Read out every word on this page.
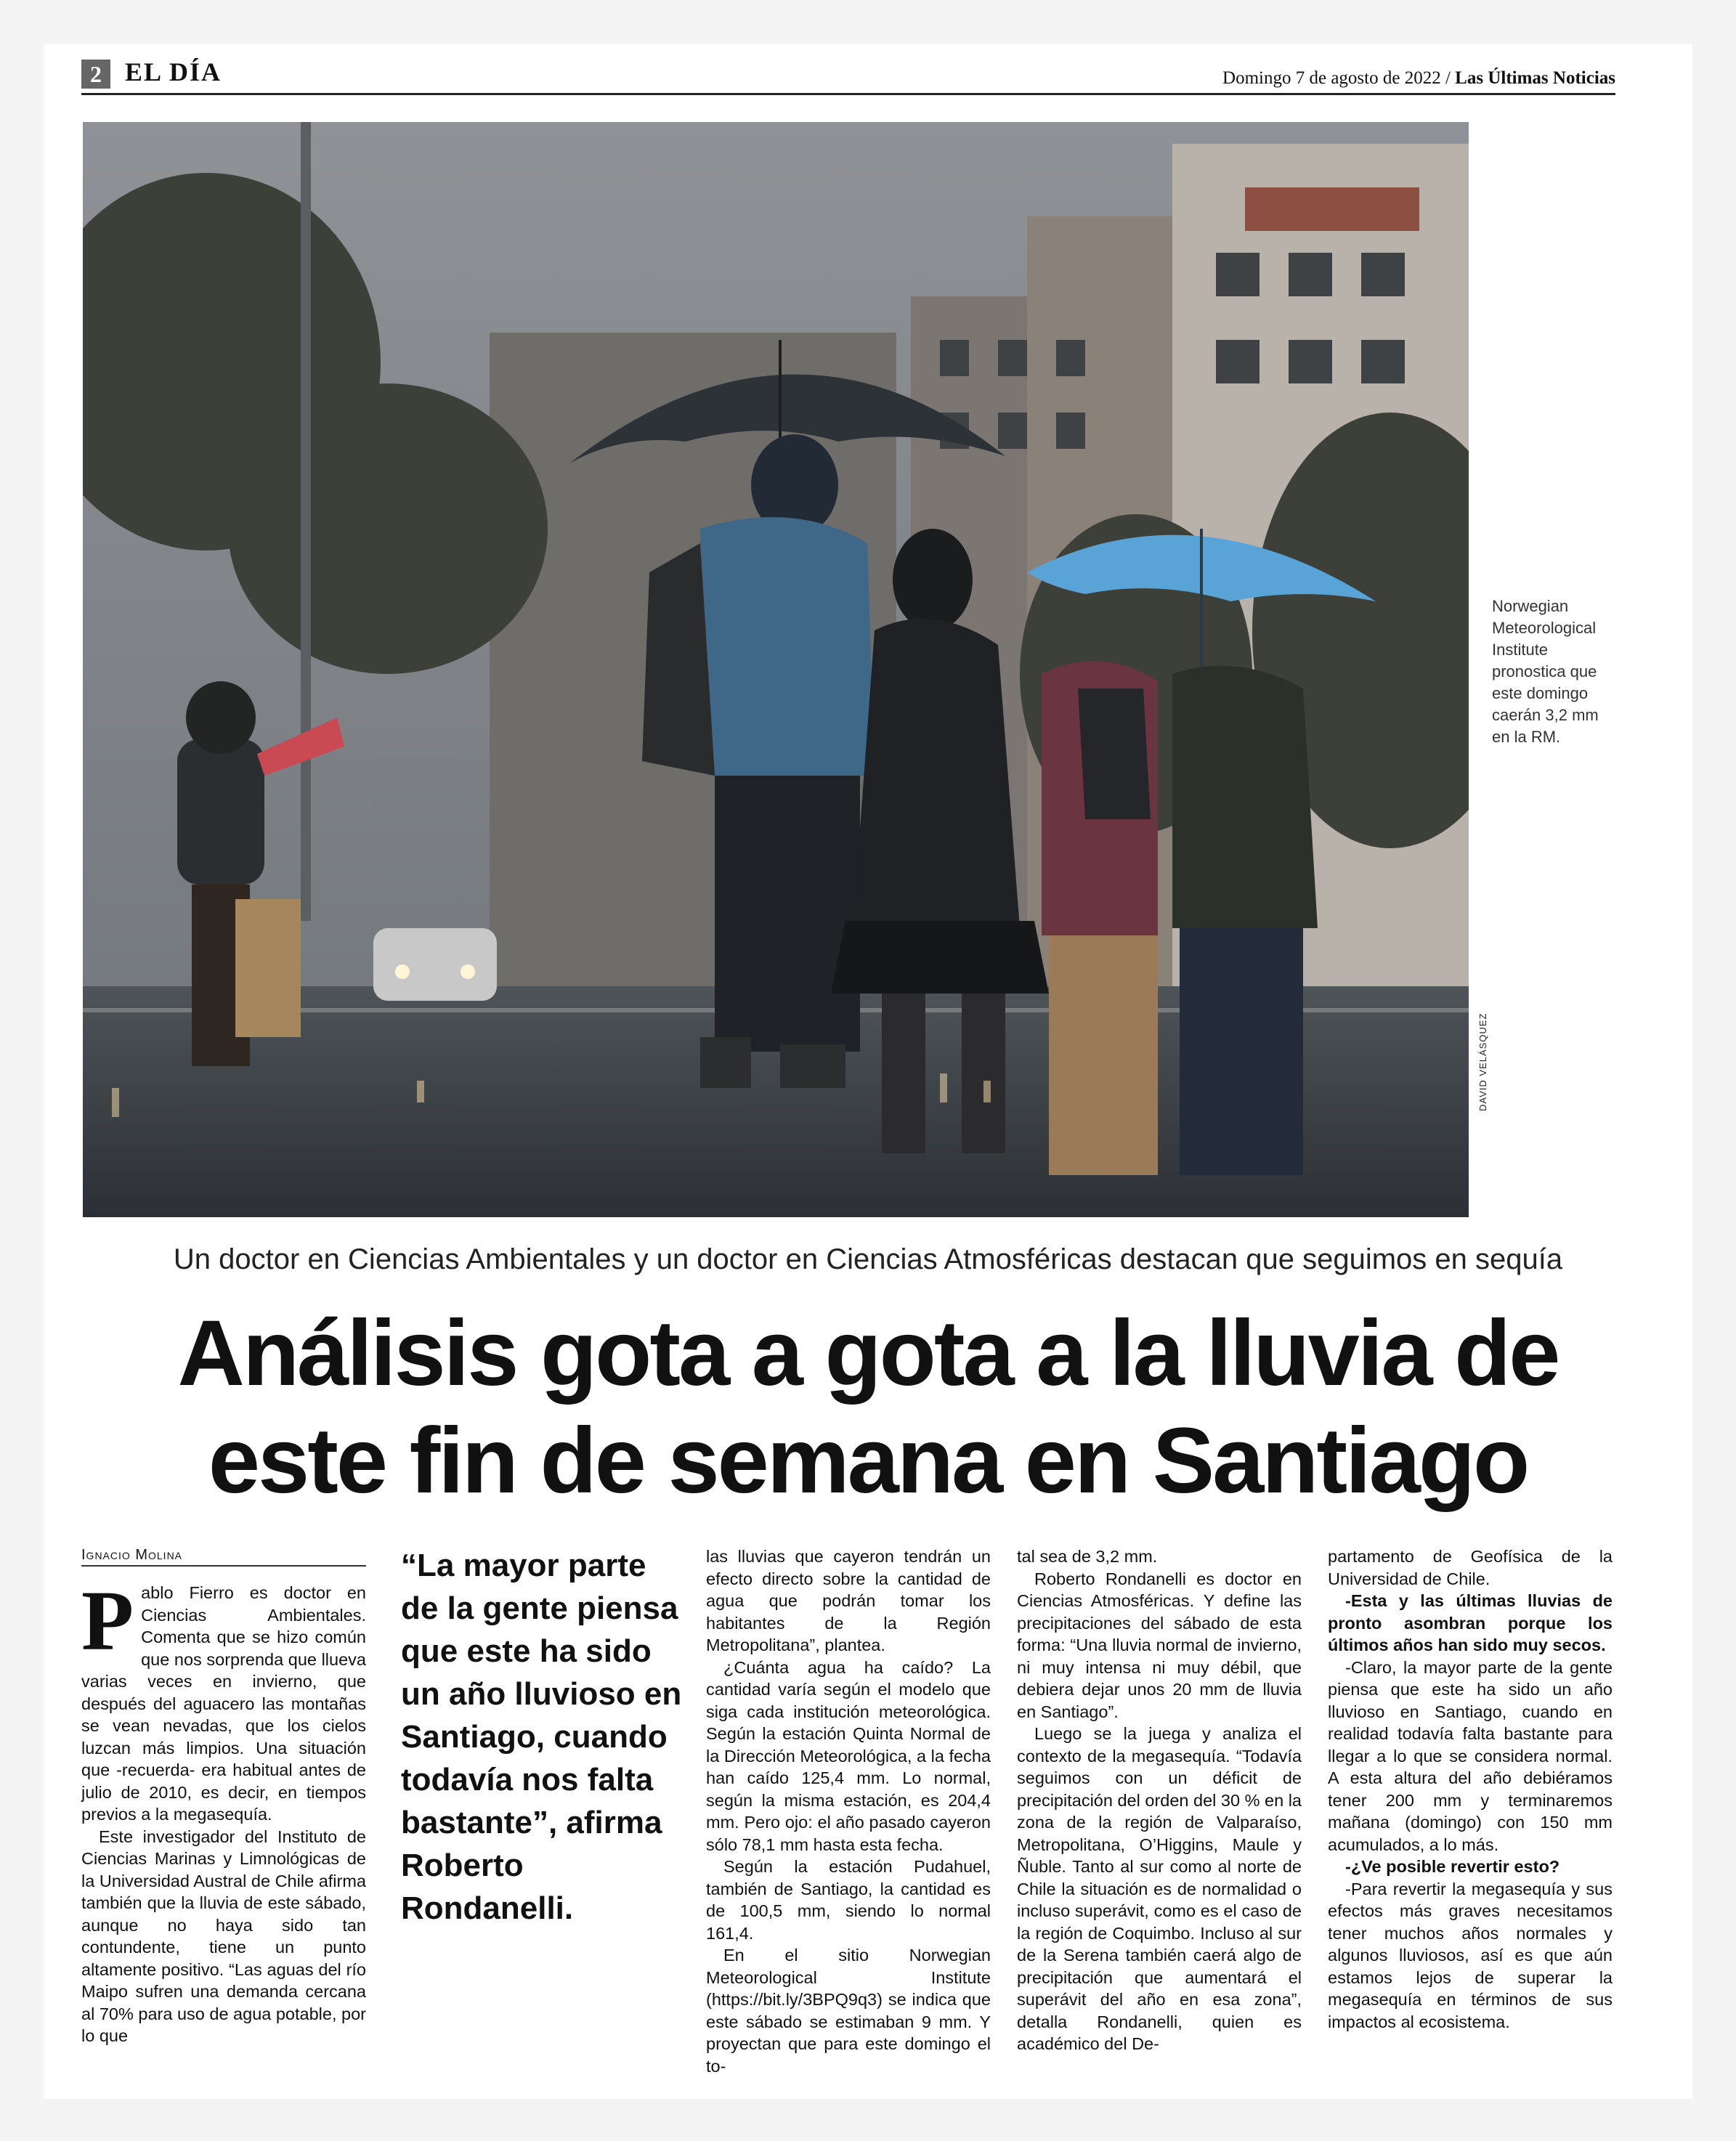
2 EL DÍA	Domingo 7 de agosto de 2022 / Las Últimas Noticias
DAVID VELÁSQUEZ
Norwegian Meteorological Institute pronostica que este domingo caerán 3,2 mm en la RM.
Un doctor en Ciencias Ambientales y un doctor en Ciencias Atmosféricas destacan que seguimos en sequía
Análisis gota a gota a la lluvia de
este fin de semana en Santiago
Ignacio Molina
P ablo Fierro es doctor en Ciencias Ambientales. Comenta que se hizo común que nos sorprenda que llueva varias veces en invierno, que después del aguacero las montañas se vean nevadas, que los cielos luzcan más limpios. Una situación que -recuerda- era habitual antes de julio de 2010, es decir, en tiempos previos a la megasequía.

Este investigador del Instituto de Ciencias Marinas y Limnológicas de la Universidad Austral de Chile afirma también que la lluvia de este sábado, aunque no haya sido tan contundente, tiene un punto altamente positivo. “Las aguas del río Maipo sufren una demanda cercana al 70% para uso de agua potable, por lo que

“La mayor parte de la gente piensa que este ha sido un año lluvioso en Santiago, cuando todavía nos falta bastante”, afirma Roberto Rondanelli.

las lluvias que cayeron tendrán un efecto directo sobre la cantidad de agua que podrán tomar los habitantes de la Región Metropolitana”, plantea.

¿Cuánta agua ha caído? La cantidad varía según el modelo que siga cada institución meteorológica. Según la estación Quinta Normal de la Dirección Meteorológica, a la fecha han caído 125,4 mm. Lo normal, según la misma estación, es 204,4 mm. Pero ojo: el año pasado cayeron sólo 78,1 mm hasta esta fecha.

Según la estación Pudahuel, también de Santiago, la cantidad es de 100,5 mm, siendo lo normal 161,4.

En el sitio Norwegian Meteorological Institute (https://bit.ly/3BPQ9q3) se indica que este sábado se estimaban 9 mm. Y proyectan que para este domingo el to-

tal sea de 3,2 mm.

Roberto Rondanelli es doctor en Ciencias Atmosféricas. Y define las precipitaciones del sábado de esta forma: “Una lluvia normal de invierno, ni muy intensa ni muy débil, que debiera dejar unos 20 mm de lluvia en Santiago”.

Luego se la juega y analiza el contexto de la megasequía. “Todavía seguimos con un déficit de precipitación del orden del 30 % en la zona de la región de Valparaíso, Metropolitana, O’Higgins, Maule y Ñuble. Tanto al sur como al norte de Chile la situación es de normalidad o incluso superávit, como es el caso de la región de Coquimbo. Incluso al sur de la Serena también caerá algo de precipitación que aumentará el superávit del año en esa zona”, detalla Rondanelli, quien es académico del De-

partamento de Geofísica de la Universidad de Chile.

-Esta y las últimas lluvias de pronto asombran porque los últimos años han sido muy secos.

-Claro, la mayor parte de la gente piensa que este ha sido un año lluvioso en Santiago, cuando en realidad todavía falta bastante para llegar a lo que se considera normal. A esta altura del año debiéramos tener 200 mm y terminaremos mañana (domingo) con 150 mm acumulados, a lo más.

-¿Ve posible revertir esto?

-Para revertir la megasequía y sus efectos más graves necesitamos tener muchos años normales y algunos lluviosos, así es que aún estamos lejos de superar la megasequía en términos de sus impactos al ecosistema.
